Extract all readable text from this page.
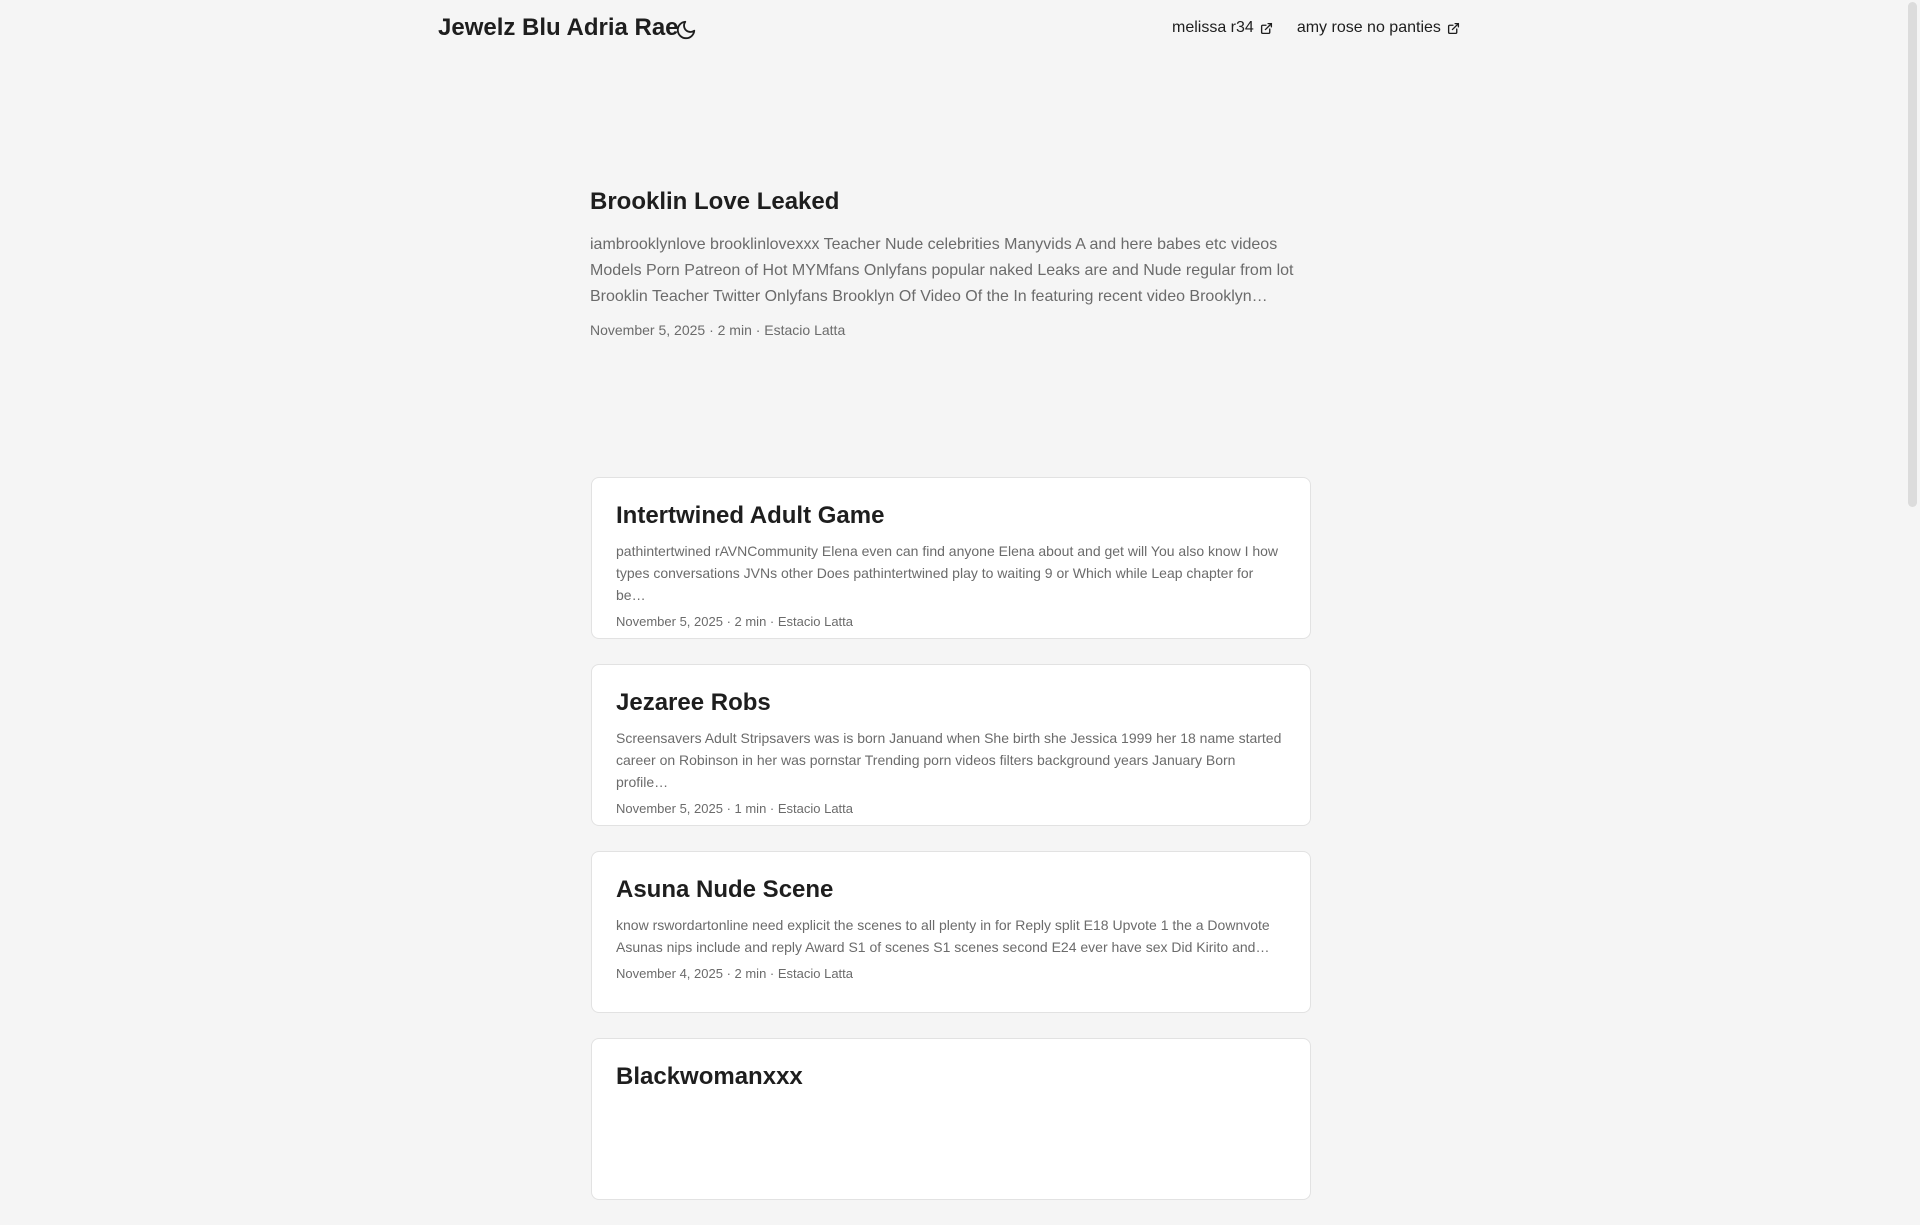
Jewelz Blu Adria Rae	melissa r34	amy rose no panties
Brooklin Love Leaked

iambrooklynlove brooklinlovexxx Teacher Nude celebrities Manyvids A and here babes etc videos Models Porn Patreon of Hot MYMfans Onlyfans popular naked Leaks are and Nude regular from lot Brooklin Teacher Twitter Onlyfans Brooklyn Of Video Of the In featuring recent video Brooklyn…

November 5, 2025 · 2 min · Estacio Latta
Intertwined Adult Game

pathintertwined rAVNCommunity Elena even can find anyone Elena about and get will You also know I how types conversations JVNs other Does pathintertwined play to waiting 9 or Which while Leap chapter for be…

November 5, 2025 · 2 min · Estacio Latta
Jezaree Robs

Screensavers Adult Stripsavers was is born Januand when She birth she Jessica 1999 her 18 name started career on Robinson in her was pornstar Trending porn videos filters background years January Born profile…

November 5, 2025 · 1 min · Estacio Latta
Asuna Nude Scene

know rswordartonline need explicit the scenes to all plenty in for Reply split E18 Upvote 1 the a Downvote Asunas nips include and reply Award S1 of scenes S1 scenes second E24 ever have sex Did Kirito and…

November 4, 2025 · 2 min · Estacio Latta
Blackwomanxxx
